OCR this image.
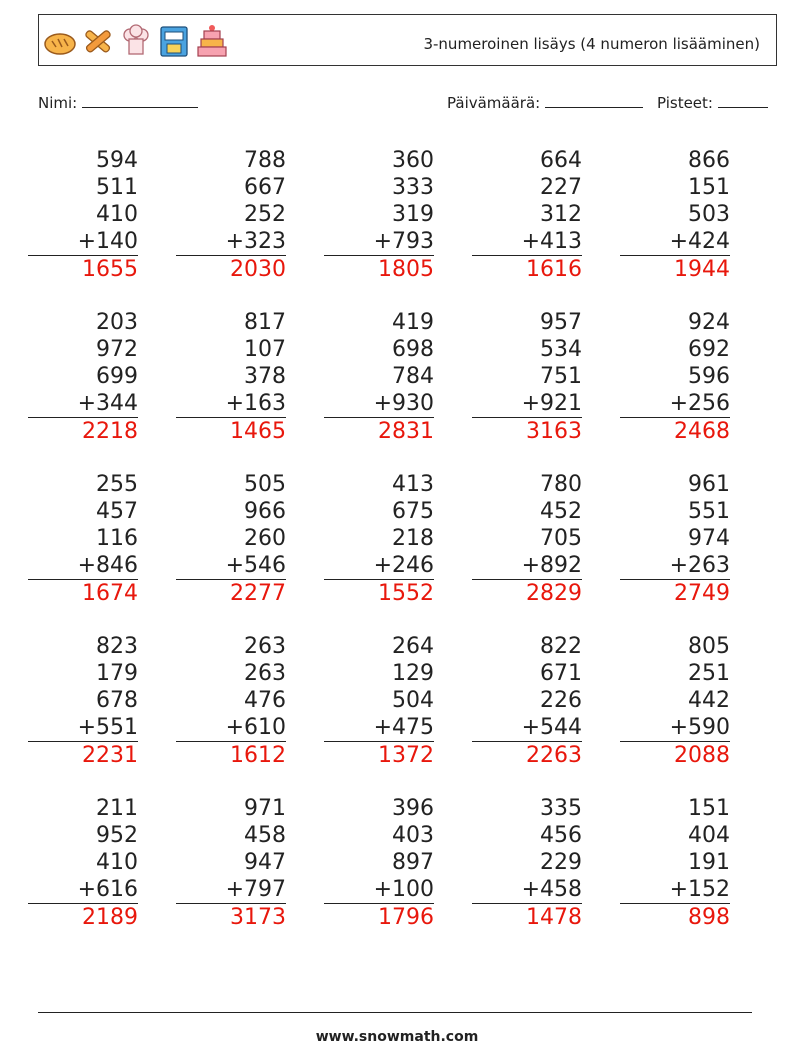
3-numeroinen lisäys (4 numeron lisääminen)
Nimi:	Päivämäärä:	Pisteet:
594
511
410
+140
1655
788
667
252
+323
2030
360
333
319
+793
1805
664
227
312
+413
1616
866
151
503
+424
1944
203
972
699
+344
2218
817
107
378
+163
1465
419
698
784
+930
2831
957
534
751
+921
3163
924
692
596
+256
2468
255
457
116
+846
1674
505
966
260
+546
2277
413
675
218
+246
1552
780
452
705
+892
2829
961
551
974
+263
2749
823
179
678
+551
2231
263
263
476
+610
1612
264
129
504
+475
1372
822
671
226
+544
2263
805
251
442
+590
2088
211
952
410
+616
2189
971
458
947
+797
3173
396
403
897
+100
1796
335
456
229
+458
1478
151
404
191
+152
898
www.snowmath.com
